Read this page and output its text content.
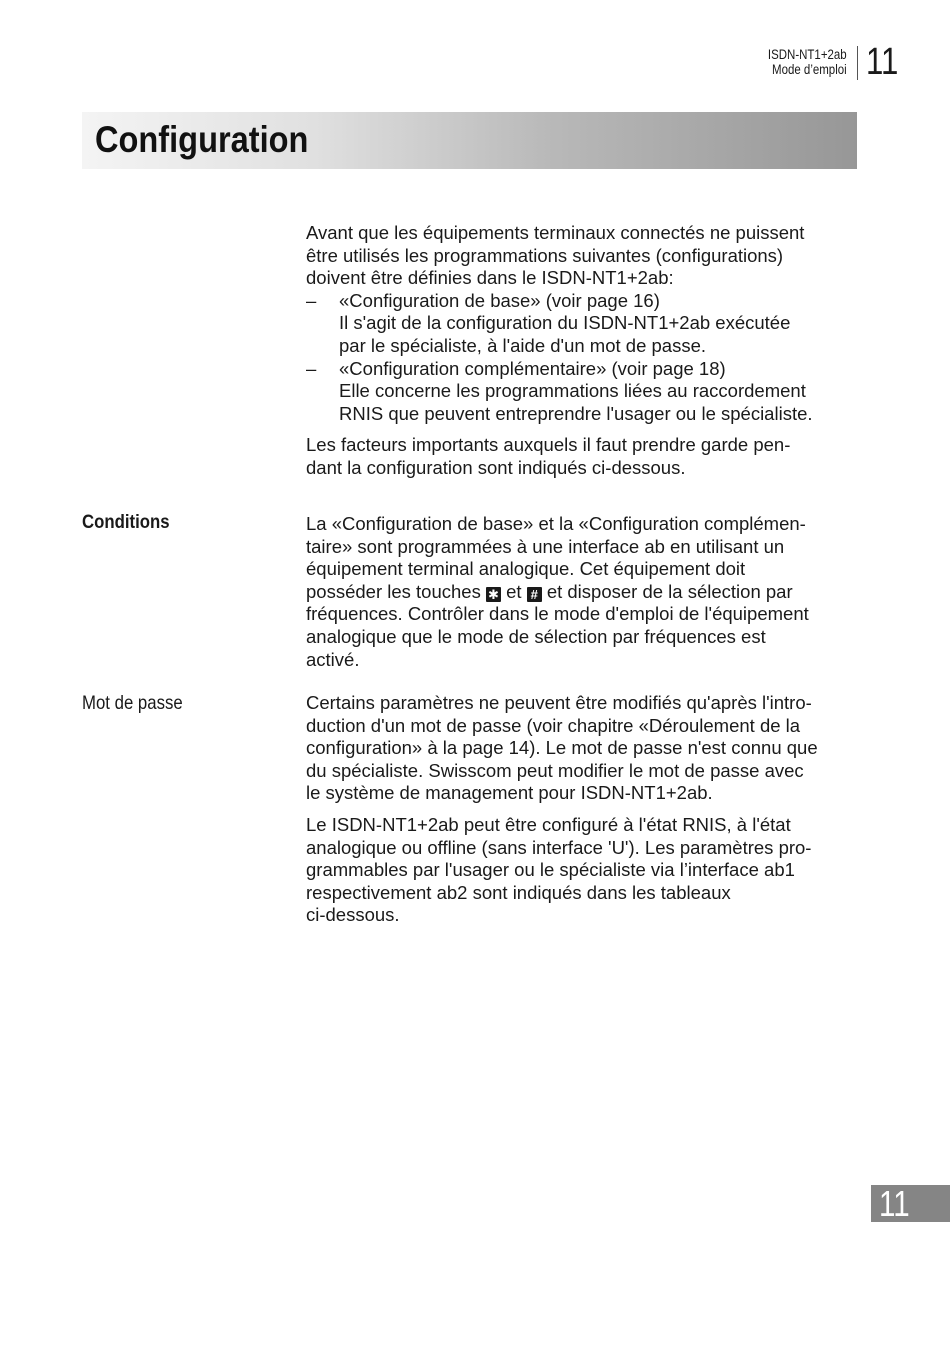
ISDN-NT1+2ab
Mode d’emploi 11
Configuration

Avant que les équipements terminaux connectés ne puissent

être utilisés les programmations suivantes (configurations)

doivent être définies dans le ISDN-NT1+2ab:

– «Configuration de base» (voir page 16)
Il s'agit de la configuration du ISDN-NT1+2ab exécutée
par le spécialiste, à l'aide d'un mot de passe.
– «Configuration complémentaire» (voir page 18)
Elle concerne les programmations liées au raccordement
RNIS que peuvent entreprendre l'usager ou le spécialiste.

Les facteurs importants auxquels il faut prendre garde pen-

dant la configuration sont indiqués ci-dessous.

Conditions	La «Configuration de base» et la «Configuration complémen-

taire» sont programmées à une interface ab en utilisant un

équipement terminal analogique. Cet équipement doit

posséder les touches ✱ et # et disposer de la sélection par

fréquences. Contrôler dans le mode d'emploi de l'équipement

analogique que le mode de sélection par fréquences est

activé.

Mot de passe	Certains paramètres ne peuvent être modifiés qu'après l'intro-

duction d'un mot de passe (voir chapitre «Déroulement de la

configuration» à la page 14). Le mot de passe n'est connu que

du spécialiste. Swisscom peut modifier le mot de passe avec

le système de management pour ISDN-NT1+2ab.

Le ISDN-NT1+2ab peut être configuré à l'état RNIS, à l'état

analogique ou offline (sans interface 'U'). Les paramètres pro-

grammables par l'usager ou le spécialiste via l’interface ab1

respectivement ab2 sont indiqués dans les tableaux

ci-dessous.

11
